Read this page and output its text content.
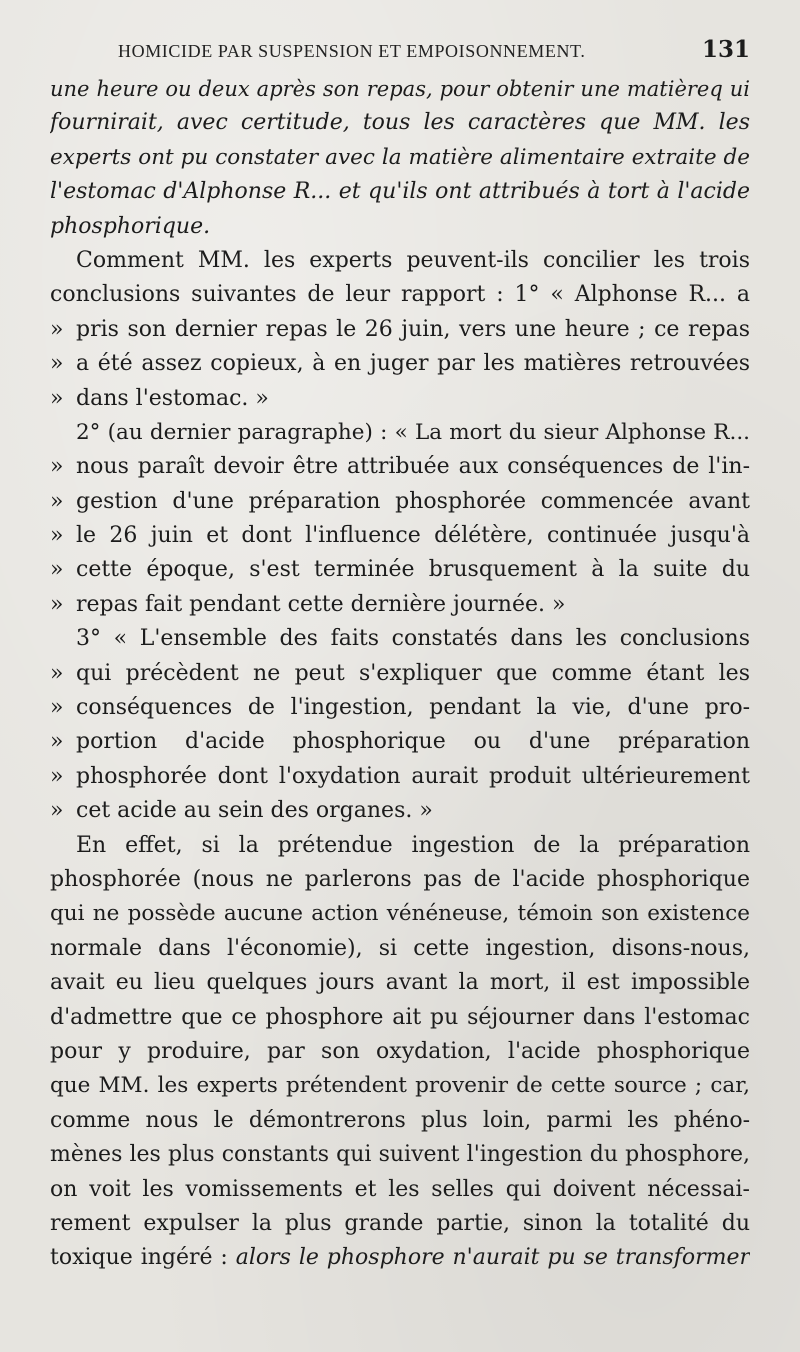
HOMICIDE PAR SUSPENSION ET EMPOISONNEMENT.	131
une heure ou deux après son repas, pour obtenir une matièreq ui
fournirait, avec certitude, tous les caractères que MM. les
experts ont pu constater avec la matière alimentaire extraite de
l'estomac d'Alphonse R... et qu'ils ont attribués à tort à l'acide
phosphorique.
Comment MM. les experts peuvent-ils concilier les trois
conclusions suivantes de leur rapport : 1° « Alphonse R... a
» pris son dernier repas le 26 juin, vers une heure ; ce repas
» a été assez copieux, à en juger par les matières retrouvées
» dans l'estomac. »
2° (au dernier paragraphe) : « La mort du sieur Alphonse R...
» nous paraît devoir être attribuée aux conséquences de l'in-
» gestion d'une préparation phosphorée commencée avant
» le 26 juin et dont l'influence délétère, continuée jusqu'à
» cette époque, s'est terminée brusquement à la suite du
» repas fait pendant cette dernière journée. »
3° « L'ensemble des faits constatés dans les conclusions
» qui précèdent ne peut s'expliquer que comme étant les
» conséquences de l'ingestion, pendant la vie, d'une pro-
» portion d'acide phosphorique ou d'une préparation
» phosphorée dont l'oxydation aurait produit ultérieurement
» cet acide au sein des organes. »
En effet, si la prétendue ingestion de la préparation
phosphorée (nous ne parlerons pas de l'acide phosphorique
qui ne possède aucune action vénéneuse, témoin son existence
normale dans l'économie), si cette ingestion, disons-nous,
avait eu lieu quelques jours avant la mort, il est impossible
d'admettre que ce phosphore ait pu séjourner dans l'estomac
pour y produire, par son oxydation, l'acide phosphorique
que MM. les experts prétendent provenir de cette source ; car,
comme nous le démontrerons plus loin, parmi les phéno-
mènes les plus constants qui suivent l'ingestion du phosphore,
on voit les vomissements et les selles qui doivent nécessai-
rement expulser la plus grande partie, sinon la totalité du
toxique ingéré : alors le phosphore n'aurait pu se transformer
